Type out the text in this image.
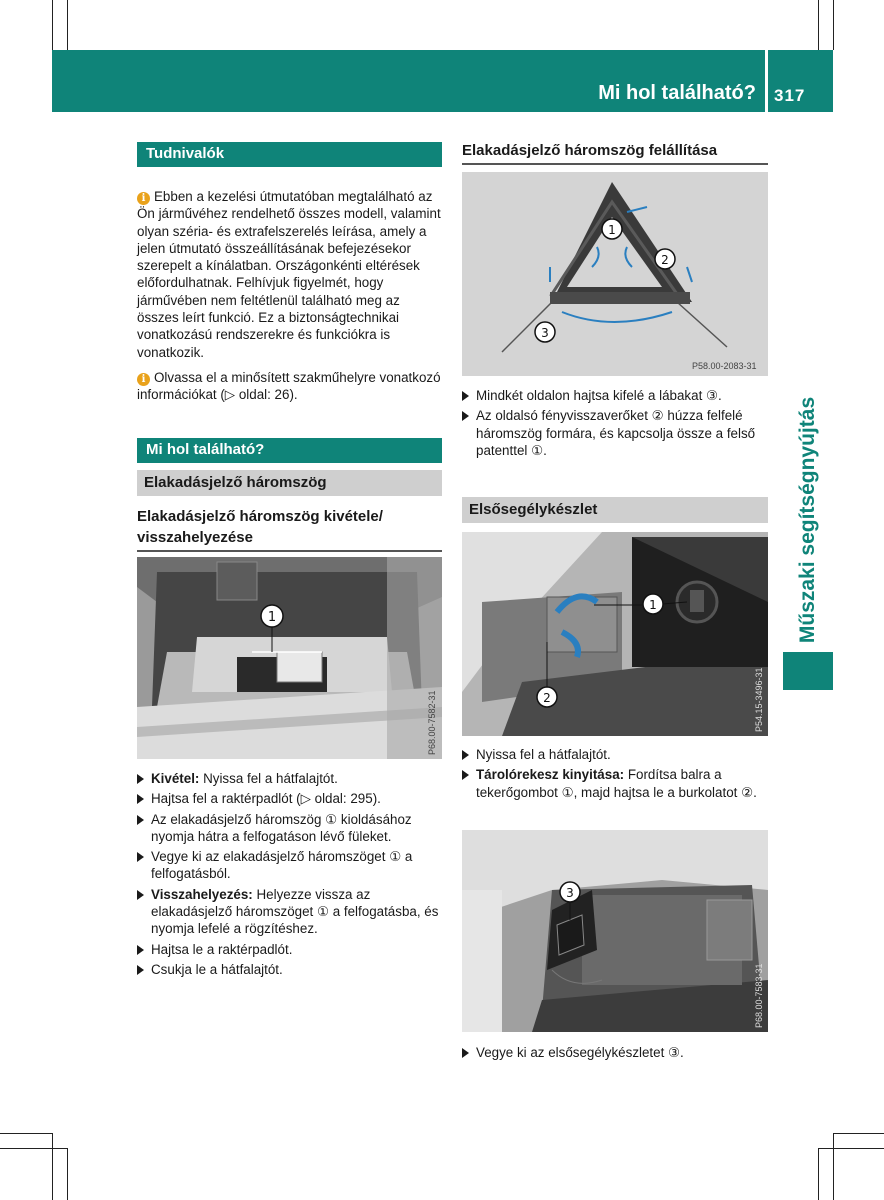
Mi hol található? 317
Műszaki segítségnyújtás
Tudnivalók
i Ebben a kezelési útmutatóban megtalálható az Ön járművéhez rendelhető összes modell, valamint olyan széria- és extrafelszerelés leírása, amely a jelen útmutató összeállításának befejezésekor szerepelt a kínálatban. Országonkénti eltérések előfordulhatnak. Felhívjuk figyelmét, hogy járművében nem feltétlenül található meg az összes leírt funkció. Ez a biztonságtechnikai vonatkozású rendszerekre és funkciókra is vonatkozik.
i Olvassa el a minősített szakműhelyre vonatkozó információkat (▷ oldal: 26).
Mi hol található?
Elakadásjelző háromszög
Elakadásjelző háromszög kivétele/ visszahelyezése
1
P68.00-7582-31
Kivétel: Nyissa fel a hátfalajtót.
Hajtsa fel a raktérpadlót (▷ oldal: 295).
Az elakadásjelző háromszög ① kioldásához nyomja hátra a felfogatáson lévő füleket.
Vegye ki az elakadásjelző háromszöget ① a felfogatásból.
Visszahelyezés: Helyezze vissza az elakadásjelző háromszöget ① a felfogatásba, és nyomja lefelé a rögzítéshez.
Hajtsa le a raktérpadlót.
Csukja le a hátfalajtót.
Elakadásjelző háromszög felállítása
1
2
3
P58.00-2083-31
Mindkét oldalon hajtsa kifelé a lábakat ③.
Az oldalsó fényvisszaverőket ② húzza felfelé háromszög formára, és kapcsolja össze a felső patenttel ①.
Elsősegélykészlet
1
2	P54.15-3496-31
Nyissa fel a hátfalajtót.
Tárolórekesz kinyitása: Fordítsa balra a tekerőgombot ①, majd hajtsa le a burkolatot ②.
3
P68.00-7583-31
Vegye ki az elsősegélykészletet ③.
